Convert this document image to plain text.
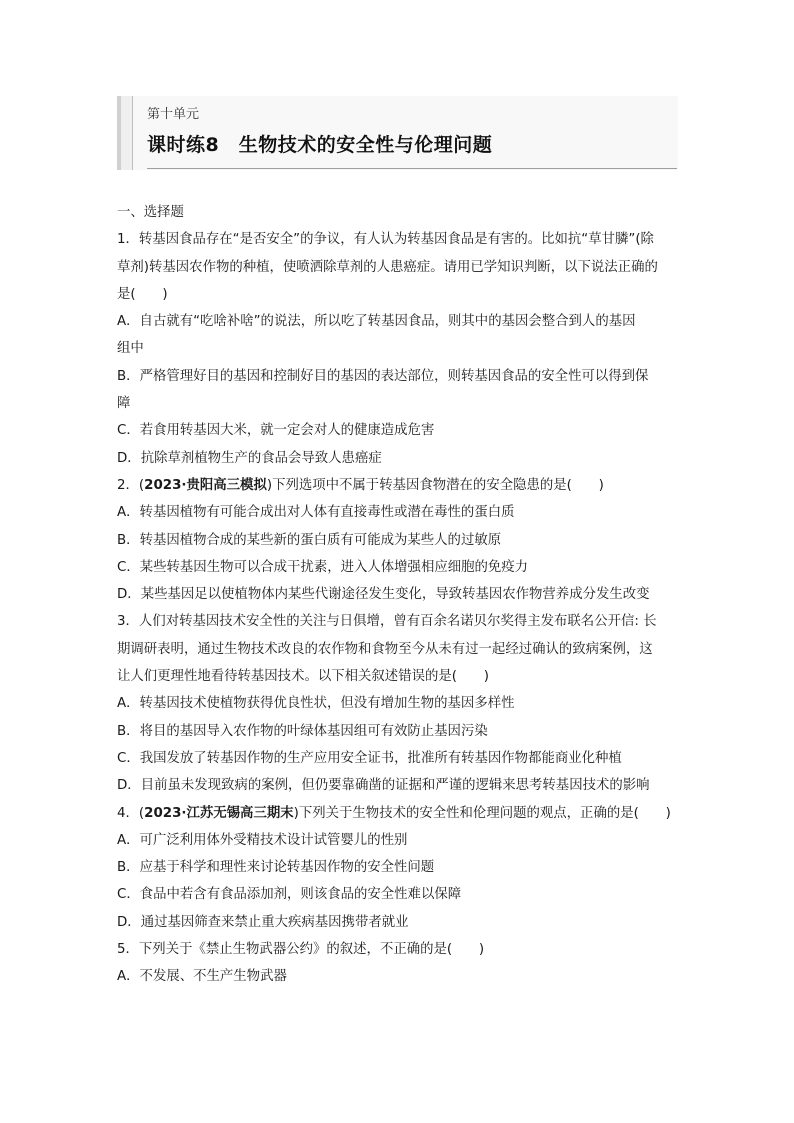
第十单元
课时练8　生物技术的安全性与伦理问题

一、选择题

1．转基因食品存在“是否安全”的争议，有人认为转基因食品是有害的。比如抗“草甘膦”(除

草剂)转基因农作物的种植，使喷洒除草剂的人患癌症。请用已学知识判断，以下说法正确的

是(　　)

A．自古就有“吃啥补啥”的说法，所以吃了转基因食品，则其中的基因会整合到人的基因

组中

B．严格管理好目的基因和控制好目的基因的表达部位，则转基因食品的安全性可以得到保

障

C．若食用转基因大米，就一定会对人的健康造成危害

D．抗除草剂植物生产的食品会导致人患癌症

2．(2023·贵阳高三模拟)下列选项中不属于转基因食物潜在的安全隐患的是(　　)

A．转基因植物有可能合成出对人体有直接毒性或潜在毒性的蛋白质

B．转基因植物合成的某些新的蛋白质有可能成为某些人的过敏原

C．某些转基因生物可以合成干扰素，进入人体增强相应细胞的免疫力

D．某些基因足以使植物体内某些代谢途径发生变化，导致转基因农作物营养成分发生改变

3．人们对转基因技术安全性的关注与日俱增，曾有百余名诺贝尔奖得主发布联名公开信: 长

期调研表明，通过生物技术改良的农作物和食物至今从未有过一起经过确认的致病案例，这

让人们更理性地看待转基因技术。以下相关叙述错误的是(　　)

A．转基因技术使植物获得优良性状，但没有增加生物的基因多样性

B．将目的基因导入农作物的叶绿体基因组可有效防止基因污染

C．我国发放了转基因作物的生产应用安全证书，批准所有转基因作物都能商业化种植

D．目前虽未发现致病的案例，但仍要靠确凿的证据和严谨的逻辑来思考转基因技术的影响

4．(2023·江苏无锡高三期末)下列关于生物技术的安全性和伦理问题的观点，正确的是(　　)

A．可广泛利用体外受精技术设计试管婴儿的性别

B．应基于科学和理性来讨论转基因作物的安全性问题

C．食品中若含有食品添加剂，则该食品的安全性难以保障

D．通过基因筛查来禁止重大疾病基因携带者就业

5．下列关于《禁止生物武器公约》的叙述，不正确的是(　　)

A．不发展、不生产生物武器
